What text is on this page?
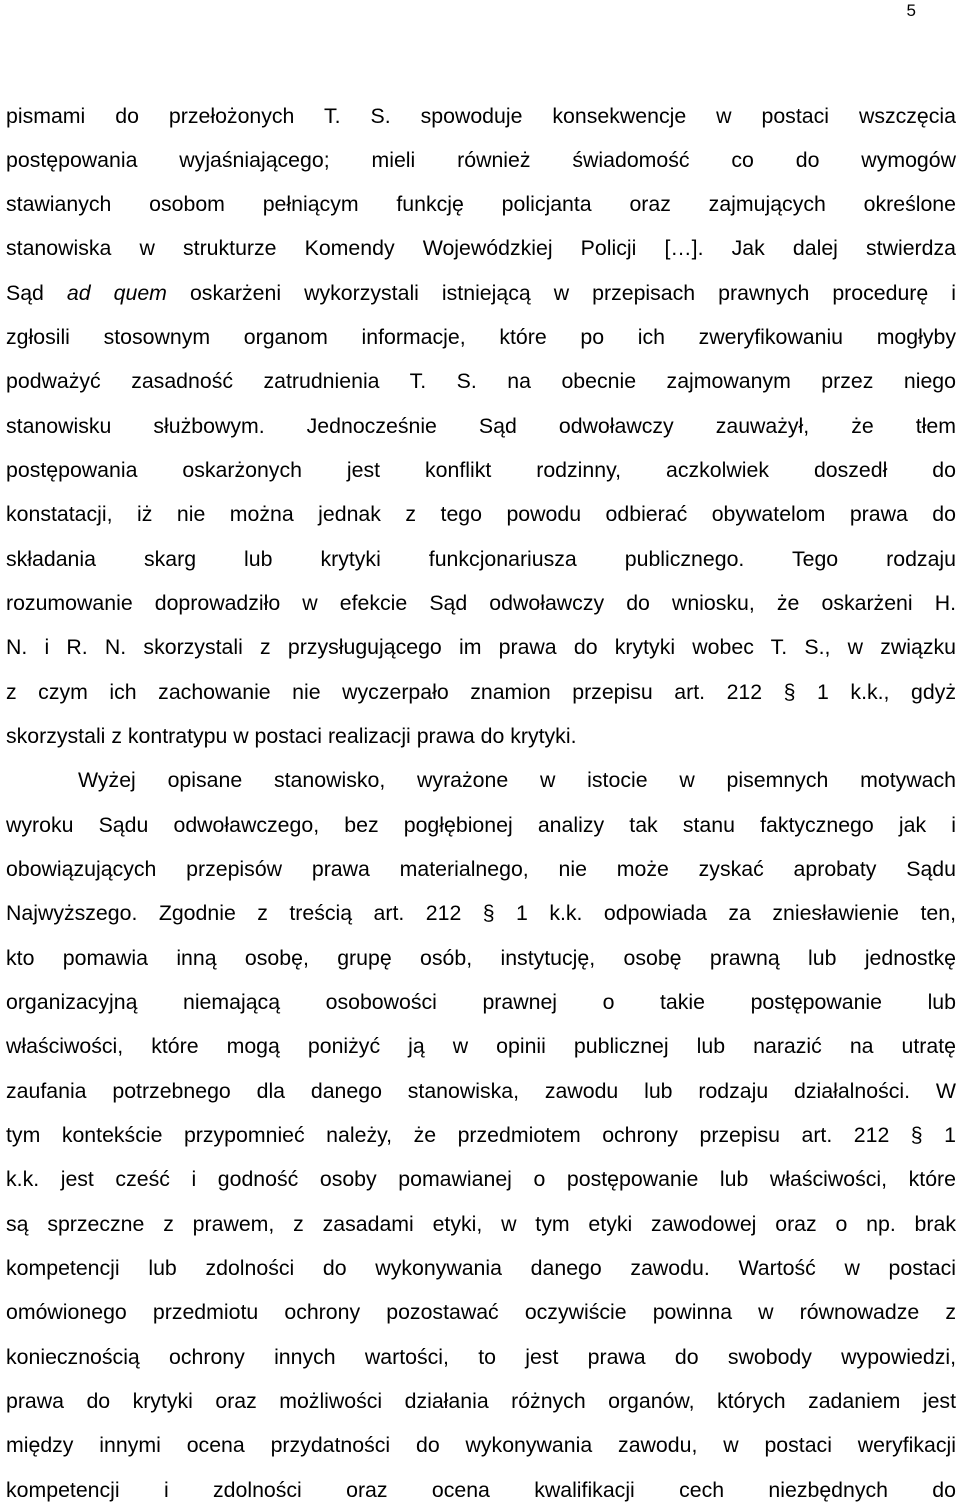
5

pismami do przełożonych T. S. spowoduje konsekwencje w postaci wszczęcia

postępowania wyjaśniającego; mieli również świadomość co do wymogów

stawianych osobom pełniącym funkcję policjanta oraz zajmujących określone

stanowiska w strukturze Komendy Wojewódzkiej Policji […]. Jak dalej stwierdza

Sąd ad quem oskarżeni wykorzystali istniejącą w przepisach prawnych procedurę i

zgłosili stosownym organom informacje, które po ich zweryfikowaniu mogłyby

podważyć zasadność zatrudnienia T. S. na obecnie zajmowanym przez niego

stanowisku służbowym. Jednocześnie Sąd odwoławczy zauważył, że tłem

postępowania oskarżonych jest konflikt rodzinny, aczkolwiek doszedł do

konstatacji, iż nie można jednak z tego powodu odbierać obywatelom prawa do

składania skarg lub krytyki funkcjonariusza publicznego. Tego rodzaju

rozumowanie doprowadziło w efekcie Sąd odwoławczy do wniosku, że oskarżeni H.

N. i R. N. skorzystali z przysługującego im prawa do krytyki wobec T. S., w związku

z czym ich zachowanie nie wyczerpało znamion przepisu art. 212 § 1 k.k., gdyż

skorzystali z kontratypu w postaci realizacji prawa do krytyki.

Wyżej opisane stanowisko, wyrażone w istocie w pisemnych motywach

wyroku Sądu odwoławczego, bez pogłębionej analizy tak stanu faktycznego jak i

obowiązujących przepisów prawa materialnego, nie może zyskać aprobaty Sądu

Najwyższego. Zgodnie z treścią art. 212 § 1 k.k. odpowiada za zniesławienie ten,

kto pomawia inną osobę, grupę osób, instytucję, osobę prawną lub jednostkę

organizacyjną niemającą osobowości prawnej o takie postępowanie lub

właściwości, które mogą poniżyć ją w opinii publicznej lub narazić na utratę

zaufania potrzebnego dla danego stanowiska, zawodu lub rodzaju działalności. W

tym kontekście przypomnieć należy, że przedmiotem ochrony przepisu art. 212 § 1

k.k. jest cześć i godność osoby pomawianej o postępowanie lub właściwości, które

są sprzeczne z prawem, z zasadami etyki, w tym etyki zawodowej oraz o np. brak

kompetencji lub zdolności do wykonywania danego zawodu. Wartość w postaci

omówionego przedmiotu ochrony pozostawać oczywiście powinna w równowadze z

koniecznością ochrony innych wartości, to jest prawa do swobody wypowiedzi,

prawa do krytyki oraz możliwości działania różnych organów, których zadaniem jest

między innymi ocena przydatności do wykonywania zawodu, w postaci weryfikacji

kompetencji i zdolności oraz ocena kwalifikacji cech niezbędnych do
